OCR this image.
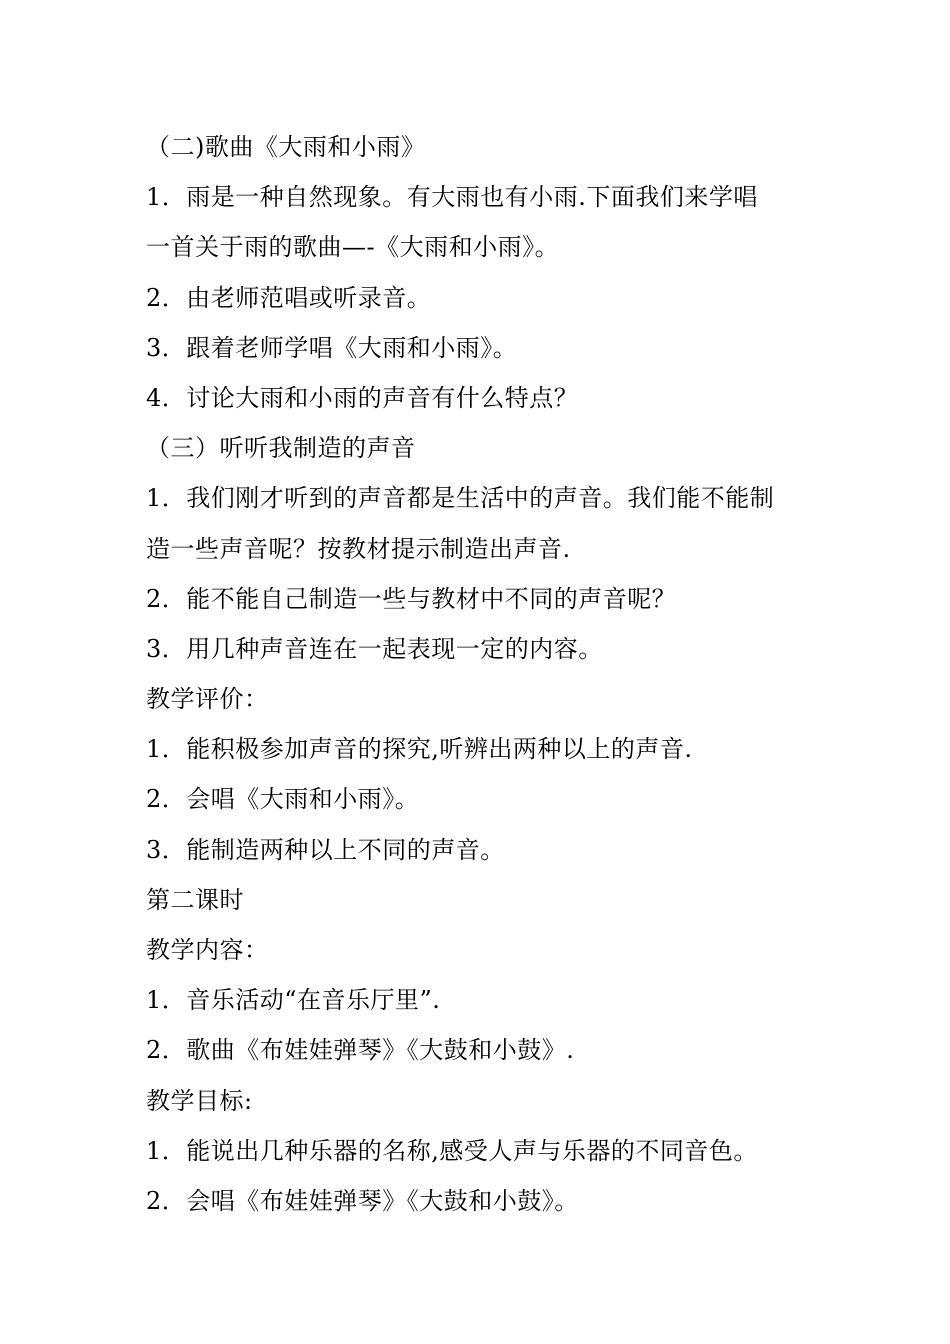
（二)歌曲《大雨和小雨》
1．雨是一种自然现象。有大雨也有小雨.下面我们来学唱
一首关于雨的歌曲—-《大雨和小雨》。
2．由老师范唱或听录音。
3．跟着老师学唱《大雨和小雨》。
4．讨论大雨和小雨的声音有什么特点？
（三）听听我制造的声音
1．我们刚才听到的声音都是生活中的声音。我们能不能制
造一些声音呢？按教材提示制造出声音.
2．能不能自己制造一些与教材中不同的声音呢？
3．用几种声音连在一起表现一定的内容。
教学评价：
1．能积极参加声音的探究,听辨出两种以上的声音.
2．会唱《大雨和小雨》。
3．能制造两种以上不同的声音。
第二课时
教学内容：
1．音乐活动“在音乐厅里”.
2．歌曲《布娃娃弹琴》《大鼓和小鼓》.
教学目标:
1．能说出几种乐器的名称,感受人声与乐器的不同音色。
2．会唱《布娃娃弹琴》《大鼓和小鼓》。
